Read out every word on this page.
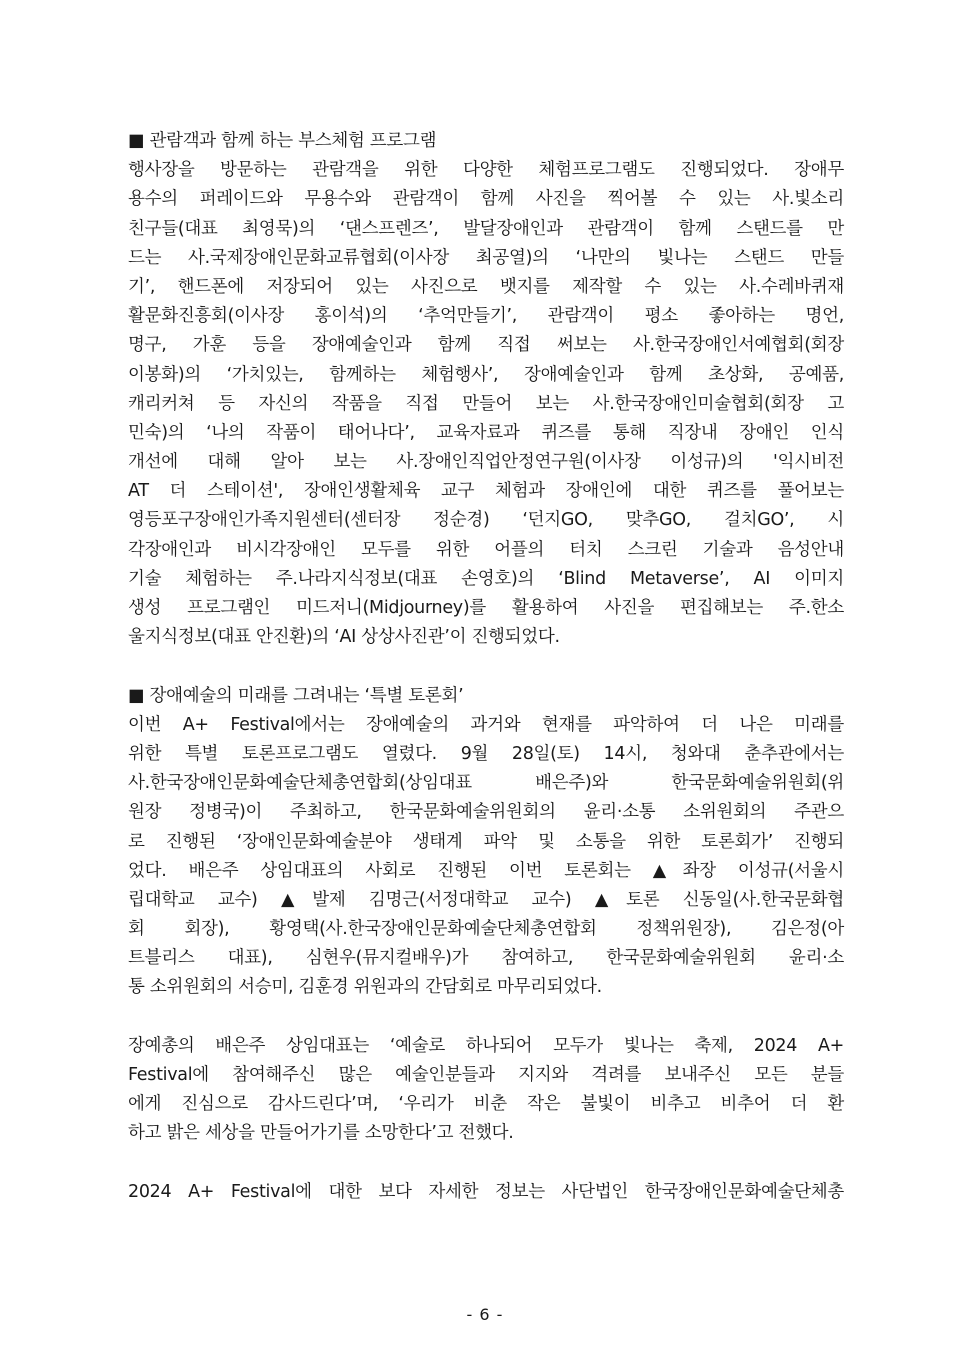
■ 관람객과 함께 하는 부스체험 프로그램
행사장을 방문하는 관람객을 위한 다양한 체험프로그램도 진행되었다. 장애무
용수의 퍼레이드와 무용수와 관람객이 함께 사진을 찍어볼 수 있는 사.빛소리
친구들(대표 최영묵)의 ‘댄스프렌즈’, 발달장애인과 관람객이 함께 스탠드를 만
드는 사.국제장애인문화교류협회(이사장 최공열)의 ‘나만의 빛나는 스탠드 만들
기’, 핸드폰에 저장되어 있는 사진으로 뱃지를 제작할 수 있는 사.수레바퀴재
활문화진흥회(이사장 홍이석)의 ‘추억만들기’, 관람객이 평소 좋아하는 명언,
명구, 가훈 등을 장애예술인과 함께 직접 써보는 사.한국장애인서예협회(회장
이봉화)의 ‘가치있는, 함께하는 체험행사’, 장애예술인과 함께 초상화, 공예품,
캐리커쳐 등 자신의 작품을 직접 만들어 보는 사.한국장애인미술협회(회장 고
민숙)의 ‘나의 작품이 태어나다’, 교육자료과 퀴즈를 통해 직장내 장애인 인식
개선에 대해 알아 보는 사.장애인직업안정연구원(이사장 이성규)의 '익시비전
AT 더 스테이션', 장애인생활체육 교구 체험과 장애인에 대한 퀴즈를 풀어보는
영등포구장애인가족지원센터(센터장 정순경) ‘던지GO, 맞추GO, 걸치GO’, 시
각장애인과 비시각장애인 모두를 위한 어플의 터치 스크린 기술과 음성안내
기술 체험하는 주.나라지식정보(대표 손영호)의 ‘Blind Metaverse’, AI 이미지
생성 프로그램인 미드저니(Midjourney)를 활용하여 사진을 편집해보는 주.한소
울지식정보(대표 안진환)의 ‘AI 상상사진관’이 진행되었다.
■ 장애예술의 미래를 그려내는 ‘특별 토론회’
이번 A+ Festival에서는 장애예술의 과거와 현재를 파악하여 더 나은 미래를
위한 특별 토론프로그램도 열렸다. 9월 28일(토) 14시, 청와대 춘추관에서는
사.한국장애인문화예술단체총연합회(상임대표 배은주)와 한국문화예술위원회(위
원장 정병국)이 주최하고, 한국문화예술위원회의 윤리·소통 소위원회의 주관으
로 진행된 ‘장애인문화예술분야 생태계 파악 및 소통을 위한 토론회가’ 진행되
었다. 배은주 상임대표의 사회로 진행된 이번 토론회는 ▲좌장 이성규(서울시
립대학교 교수) ▲발제 김명근(서정대학교 교수) ▲토론 신동일(사.한국문화협
회 회장), 황영택(사.한국장애인문화예술단체총연합회 정책위원장), 김은정(아
트블리스 대표), 심현우(뮤지컬배우)가 참여하고, 한국문화예술위원회 윤리·소
통 소위원회의 서승미, 김훈경 위원과의 간담회로 마무리되었다.
장예총의 배은주 상임대표는 ‘예술로 하나되어 모두가 빛나는 축제, 2024 A+
Festival에 참여해주신 많은 예술인분들과 지지와 격려를 보내주신 모든 분들
에게 진심으로 감사드린다’며, ‘우리가 비춘 작은 불빛이 비추고 비추어 더 환
하고 밝은 세상을 만들어가기를 소망한다’고 전했다.
2024 A+ Festival에 대한 보다 자세한 정보는 사단법인 한국장애인문화예술단체총
- 6 -
